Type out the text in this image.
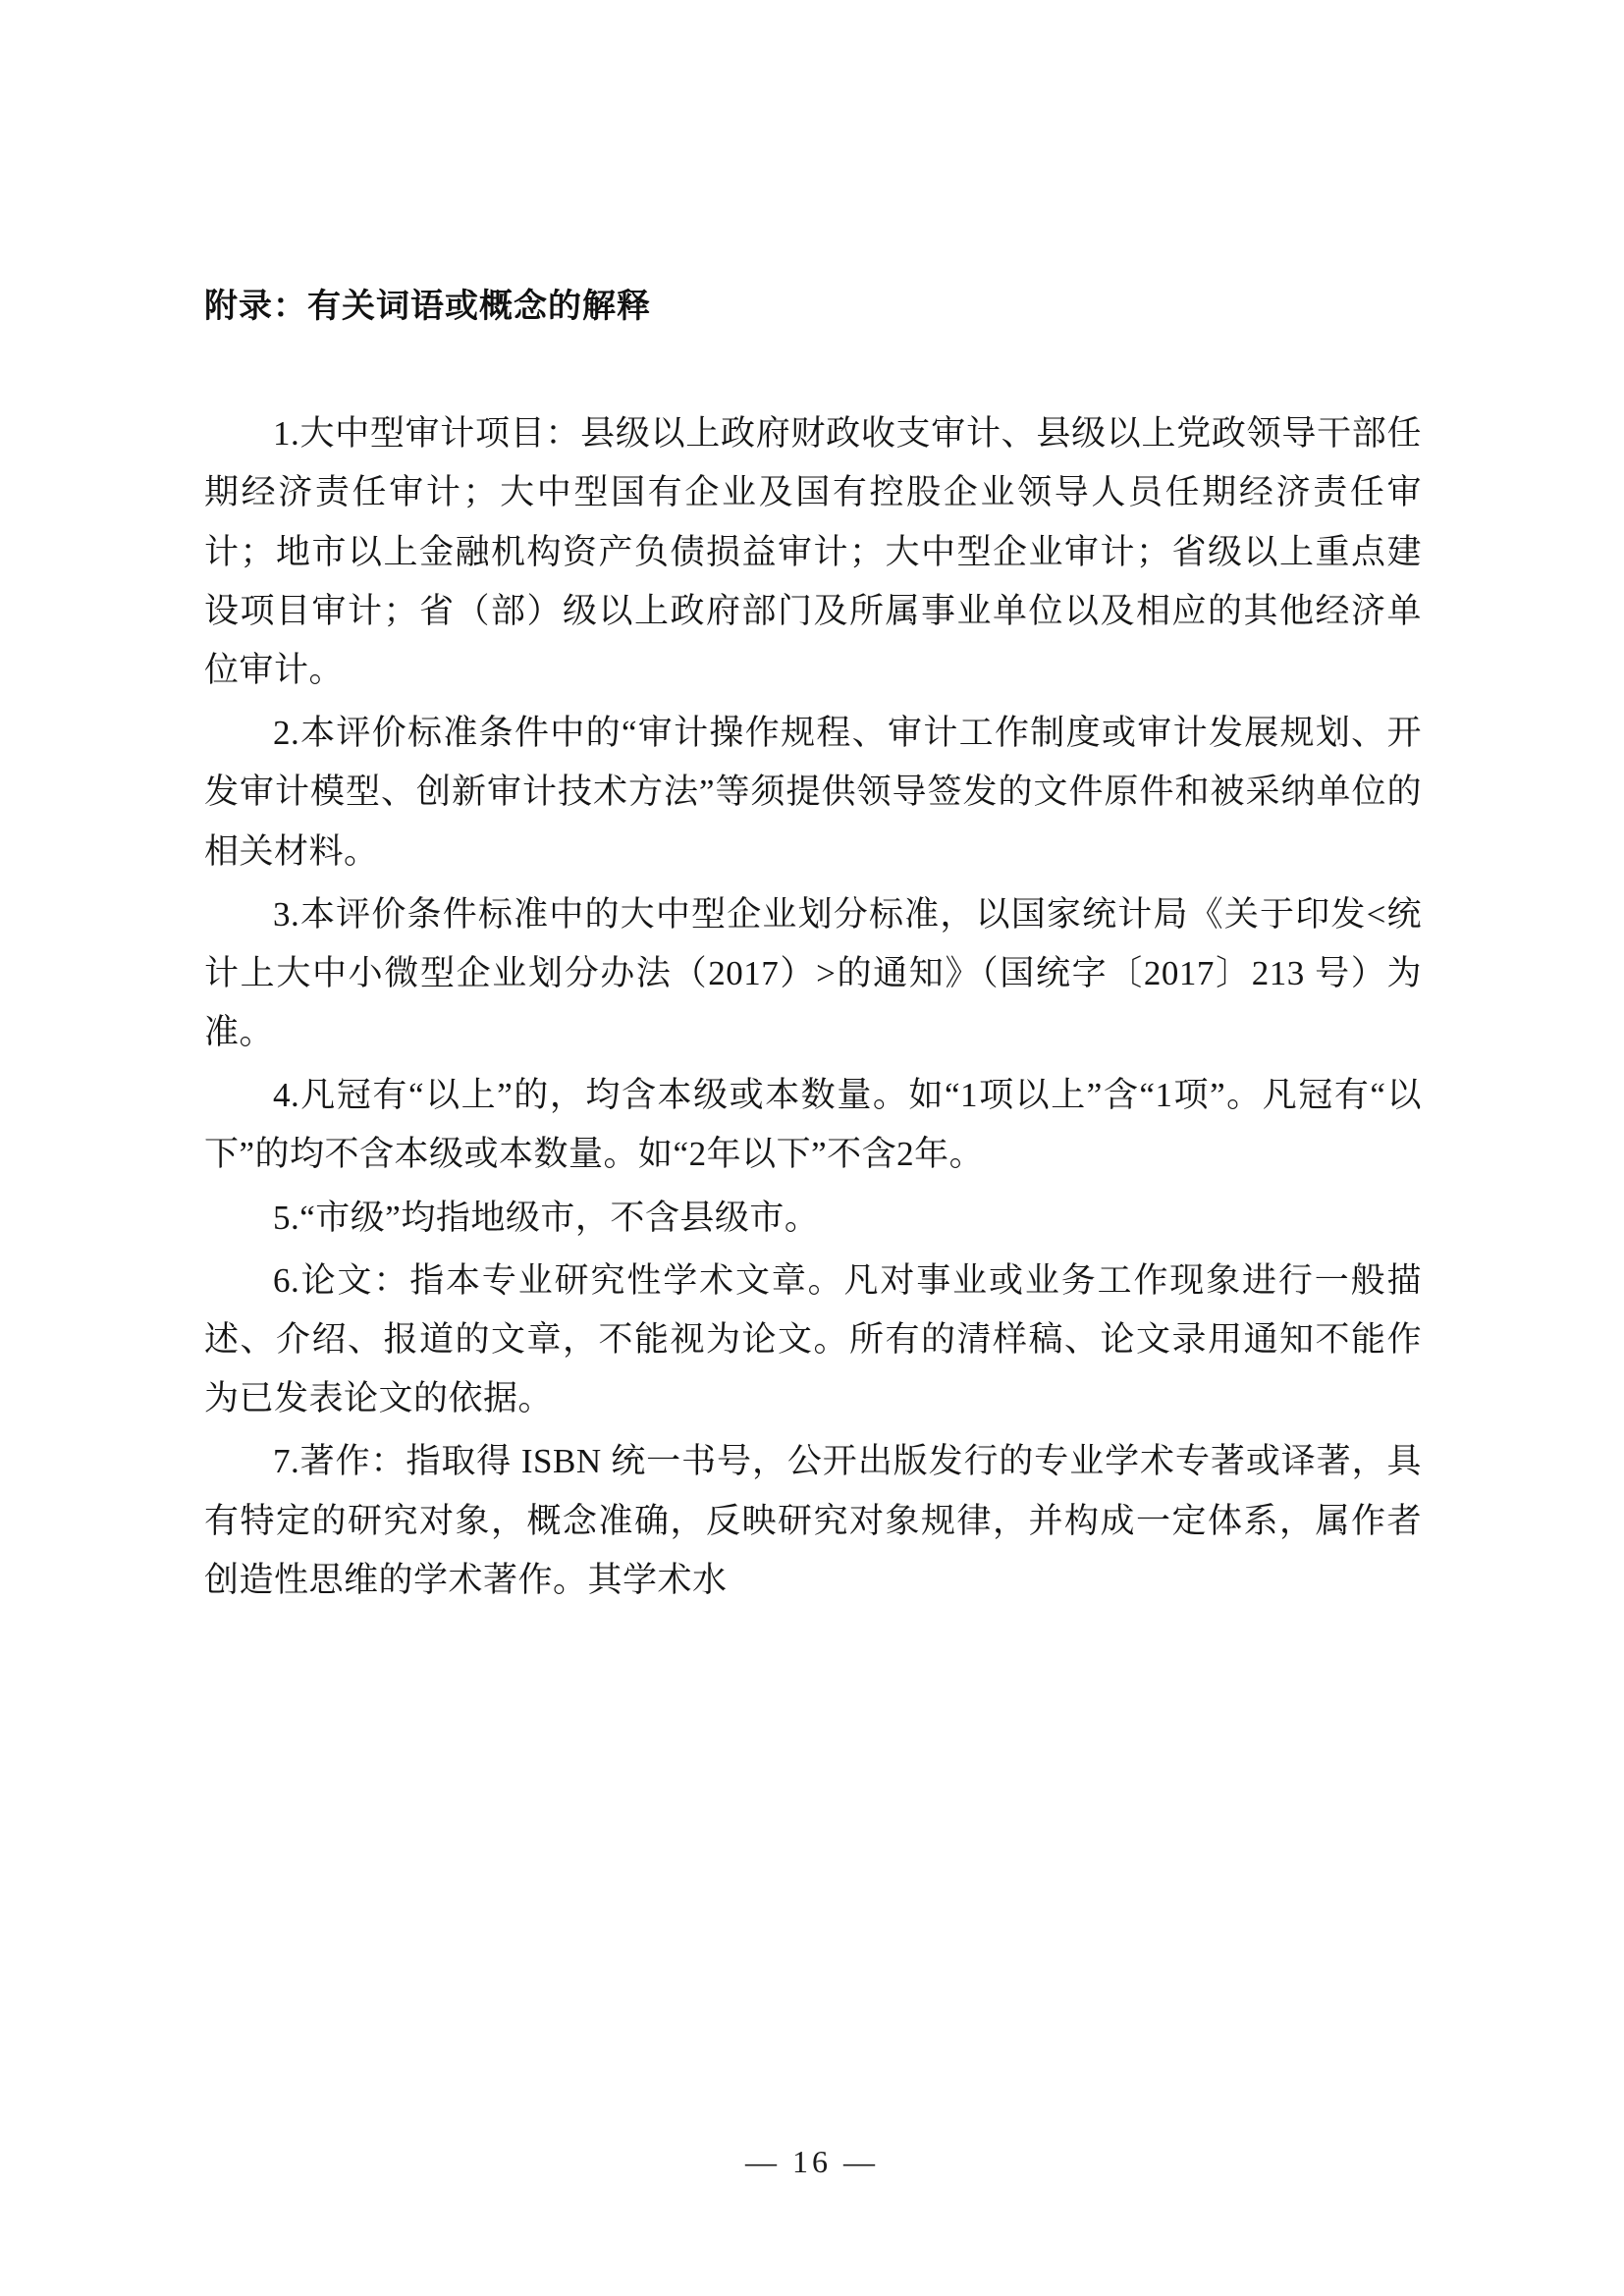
附录：有关词语或概念的解释

1.大中型审计项目：县级以上政府财政收支审计、县级以上党政领导干部任期经济责任审计；大中型国有企业及国有控股企业领导人员任期经济责任审计；地市以上金融机构资产负债损益审计；大中型企业审计；省级以上重点建设项目审计；省（部）级以上政府部门及所属事业单位以及相应的其他经济单位审计。

2.本评价标准条件中的“审计操作规程、审计工作制度或审计发展规划、开发审计模型、创新审计技术方法”等须提供领导签发的文件原件和被采纳单位的相关材料。

3.本评价条件标准中的大中型企业划分标准，以国家统计局《关于印发<统计上大中小微型企业划分办法（2017）>的通知》（国统字〔2017〕213 号）为准。

4.凡冠有“以上”的，均含本级或本数量。如“1项以上”含“1项”。凡冠有“以下”的均不含本级或本数量。如“2年以下”不含2年。

5.“市级”均指地级市，不含县级市。

6.论文：指本专业研究性学术文章。凡对事业或业务工作现象进行一般描述、介绍、报道的文章，不能视为论文。所有的清样稿、论文录用通知不能作为已发表论文的依据。

7.著作：指取得 ISBN 统一书号，公开出版发行的专业学术专著或译著，具有特定的研究对象，概念准确，反映研究对象规律，并构成一定体系，属作者创造性思维的学术著作。其学术水

— 16 —
